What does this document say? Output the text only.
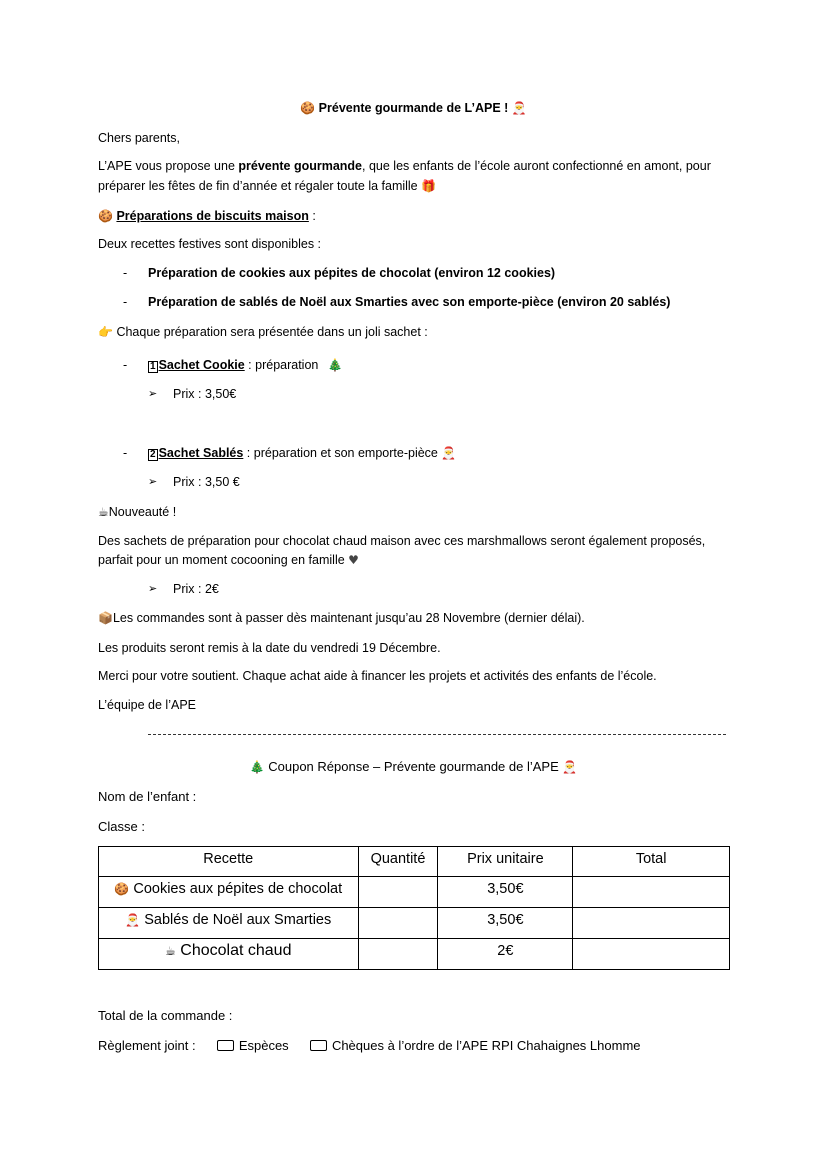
🍪 Prévente gourmande de L’APE ! 🎅
Chers parents,
L’APE vous propose une prévente gourmande, que les enfants de l’école auront confectionné en amont, pour
préparer les fêtes de fin d’année et régaler toute la famille 🎁
🍪 Préparations de biscuits maison :
Deux recettes festives sont disponibles :
- Préparation de cookies aux pépites de chocolat (environ 12 cookies)
- Préparation de sablés de Noël aux Smarties avec son emporte-pièce (environ 20 sablés)
👉 Chaque préparation sera présentée dans un joli sachet :
- 1 Sachet Cookie : préparation 🎄
➢ Prix : 3,50€
- 2 Sachet Sablés : préparation et son emporte-pièce 🎅
➢ Prix : 3,50 €
☕Nouveauté !
Des sachets de préparation pour chocolat chaud maison avec ces marshmallows seront également proposés,
parfait pour un moment cocooning en famille ♥
➢ Prix : 2€
📦Les commandes sont à passer dès maintenant jusqu’au 28 Novembre (dernier délai).
Les produits seront remis à la date du vendredi 19 Décembre.
Merci pour votre soutient. Chaque achat aide à financer les projets et activités des enfants de l’école.
L’équipe de l’APE
🎄 Coupon Réponse – Prévente gourmande de l’APE 🎅
Nom de l’enfant :
Classe :
Recette	Quantité	Prix unitaire	Total
🍪 Cookies aux pépites de chocolat		3,50€	
🎅 Sablés de Noël aux Smarties		3,50€	
☕ Chocolat chaud		2€	
Total de la commande :
Règlement joint :	Espèces	Chèques à l’ordre de l’APE RPI Chahaignes Lhomme
